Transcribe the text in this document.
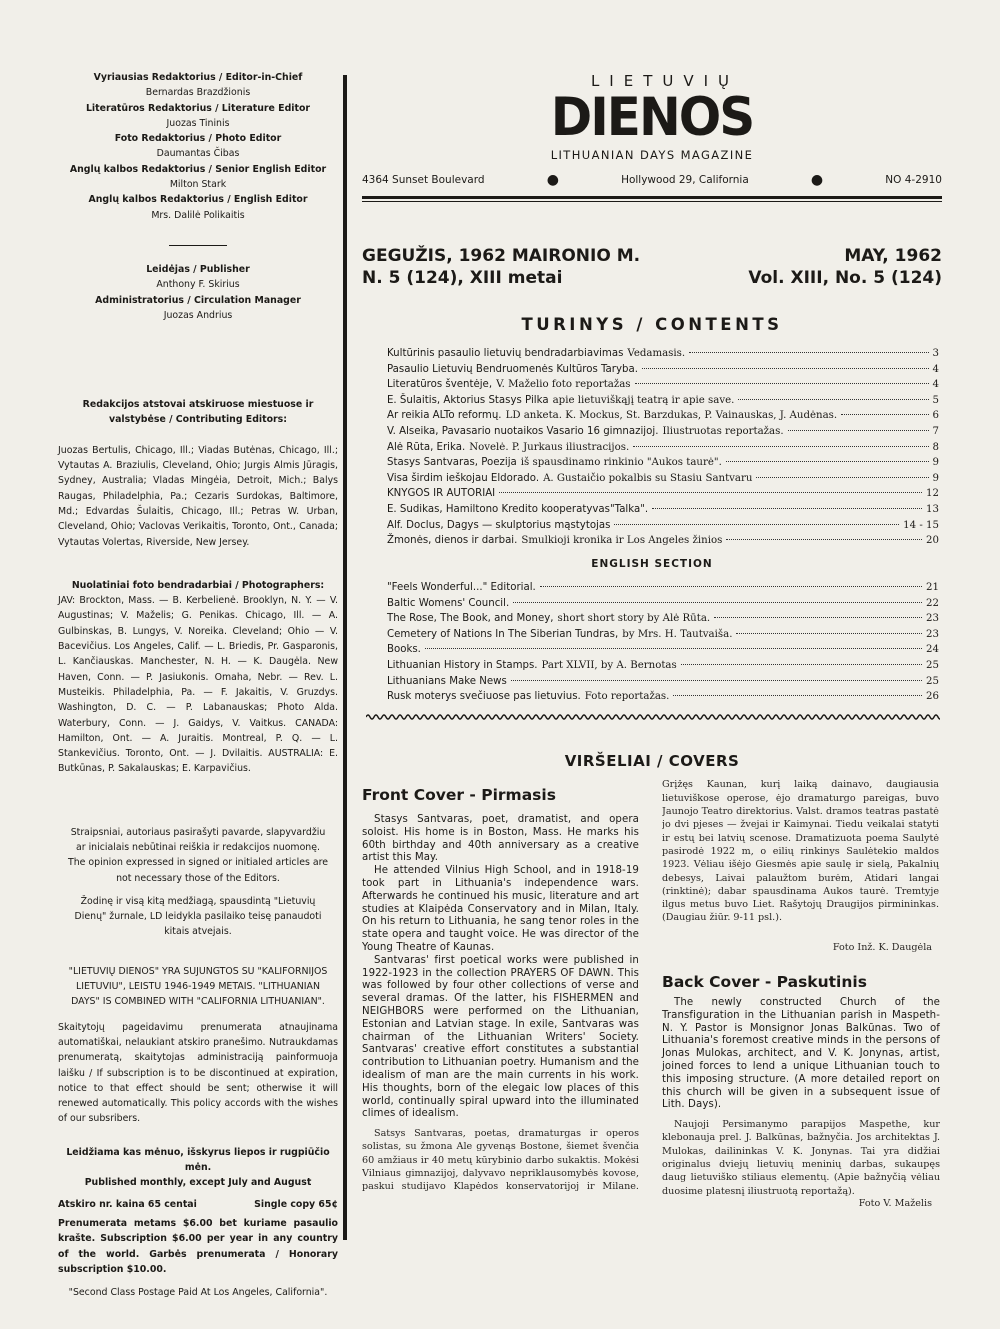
Vyriausias Redaktorius / Editor-in-Chief
Bernardas Brazdžionis
Literatūros Redaktorius / Literature Editor
Juozas Tininis
Foto Redaktorius / Photo Editor
Daumantas Čibas
Anglų kalbos Redaktorius / Senior English Editor
Milton Stark
Anglų kalbos Redaktorius / English Editor
Mrs. Dalilė Polikaitis
Leidėjas / Publisher
Anthony F. Skirius
Administratorius / Circulation Manager
Juozas Andrius
Redakcijos atstovai atskiruose miestuose ir valstybėse / Contributing Editors:
Juozas Bertulis, Chicago, Ill.; Viadas Butėnas, Chicago, Ill.; Vytautas A. Braziulis, Cleveland, Ohio; Jurgis Almis Jūragis, Sydney, Australia; Vladas Mingėia, Detroit, Mich.; Balys Raugas, Philadelphia, Pa.; Cezaris Surdokas, Baltimore, Md.; Edvardas Šulaitis, Chicago, Ill.; Petras W. Urban, Cleveland, Ohio; Vaclovas Verikaitis, Toronto, Ont., Canada; Vytautas Volertas, Riverside, New Jersey.
Nuolatiniai foto bendradarbiai / Photographers:
JAV: Brockton, Mass. — B. Kerbelienė. Brooklyn, N. Y. — V. Augustinas; V. Maželis; G. Penikas. Chicago, Ill. — A. Gulbinskas, B. Lungys, V. Noreika. Cleveland; Ohio — V. Bacevičius. Los Angeles, Calif. — L. Briedis, Pr. Gasparonis, L. Kančiauskas. Manchester, N. H. — K. Daugėla. New Haven, Conn. — P. Jasiukonis. Omaha, Nebr. — Rev. L. Musteikis. Philadelphia, Pa. — F. Jakaitis, V. Gruzdys. Washington, D. C. — P. Labanauskas; Photo Alda. Waterbury, Conn. — J. Gaidys, V. Vaitkus. CANADA: Hamilton, Ont. — A. Juraitis. Montreal, P. Q. — L. Stankevičius. Toronto, Ont. — J. Dvilaitis. AUSTRALIA: E. Butkūnas, P. Sakalauskas; E. Karpavičius.
Straipsniai, autoriaus pasirašyti pavarde, slapyvardžiu ar inicialais nebūtinai reiškia ir redakcijos nuomonę. The opinion expressed in signed or initialed articles are not necessary those of the Editors.
Žodinę ir visą kitą medžiagą, spausdintą "Lietuvių Dienų" žurnale, LD leidykla pasilaiko teisę panaudoti kitais atvejais.
"LIETUVIŲ DIENOS" YRA SUJUNGTOS SU "KALIFORNIJOS LIETUVIU", LEISTU 1946-1949 METAIS. "LITHUANIAN DAYS" IS COMBINED WITH "CALIFORNIA LITHUANIAN".
Skaitytojų pageidavimu prenumerata atnaujinama automatiškai, nelaukiant atskiro pranešimo. Nutraukdamas prenumeratą, skaitytojas administraciją painformuoja laišku / If subscription is to be discontinued at expiration, notice to that effect should be sent; otherwise it will renewed automatically. This policy accords with the wishes of our subsribers.
Leidžiama kas mėnuo, išskyrus liepos ir rugpiūčio mėn.
Published monthly, except July and August
Atskiro nr. kaina 65 centai	Single copy 65¢
Prenumerata metams $6.00 bet kuriame pasaulio krašte. Subscription $6.00 per year in any country of the world. Garbės prenumerata / Honorary subscription $10.00.
"Second Class Postage Paid At Los Angeles, California".
LIETUVIŲ
DIENOS
LITHUANIAN DAYS MAGAZINE
4364 Sunset Boulevard	●	Hollywood 29, California	●	NO 4-2910
GEGUŽIS, 1962 MAIRONIO M.	MAY, 1962
N. 5 (124), XIII metai	Vol. XIII, No. 5 (124)
TURINYS / CONTENTS
Kultūrinis pasaulio lietuvių bendradarbiavimas Vedamasis.	3
Pasaulio Lietuvių Bendruomenės Kultūros Taryba.	4
Literatūros šventėje, V. Maželio foto reportažas	4
E. Šulaitis, Aktorius Stasys Pilka apie lietuviškąjį teatrą ir apie save.	5
Ar reikia ALTo reformų. LD anketa. K. Mockus, St. Barzdukas, P. Vainauskas, J. Audėnas.	6
V. Alseika, Pavasario nuotaikos Vasario 16 gimnazijoj. Iliustruotas reportažas.	7
Alė Rūta, Erika. Novelė. P. Jurkaus iliustracijos.	8
Stasys Santvaras, Poezija iš spausdinamo rinkinio "Aukos taurė".	9
Visa širdim ieškojau Eldorado. A. Gustaičio pokalbis su Stasiu Santvaru	9
KNYGOS IR AUTORIAI	12
E. Sudikas, Hamiltono Kredito kooperatyvas"Talka".	13
Alf. Doclus, Dagys — skulptorius mąstytojas	14 - 15
Žmonės, dienos ir darbai. Smulkioji kronika ir Los Angeles žinios	20
ENGLISH SECTION
"Feels Wonderful..." Editorial.	21
Baltic Womens' Council.	22
The Rose, The Book, and Money, short short story by Alė Rūta.	23
Cemetery of Nations In The Siberian Tundras, by Mrs. H. Tautvaiša.	23
Books.	24
Lithuanian History in Stamps. Part XLVII, by A. Bernotas	25
Lithuanians Make News	25
Rusk moterys svečiuose pas lietuvius. Foto reportažas.	26
VIRŠELIAI / COVERS
Front Cover - Pirmasis

Stasys Santvaras, poet, dramatist, and opera soloist. His home is in Boston, Mass. He marks his 60th birthday and 40th anniversary as a creative artist this May.

He attended Vilnius High School, and in 1918-19 took part in Lithuania's independence wars. Afterwards he continued his music, literature and art studies at Klaipėda Conservatory and in Milan, Italy. On his return to Lithuania, he sang tenor roles in the state opera and taught voice. He was director of the Young Theatre of Kaunas.

Santvaras' first poetical works were published in 1922-1923 in the collection PRAYERS OF DAWN. This was followed by four other collections of verse and several dramas. Of the latter, his FISHERMEN and NEIGHBORS were performed on the Lithuanian, Estonian and Latvian stage. In exile, Santvaras was chairman of the Lithuanian Writers' Society. Santvaras' creative effort constitutes a substantial contribution to Lithuanian poetry. Humanism and the idealism of man are the main currents in his work. His thoughts, born of the elegaic low places of this world, continually spiral upward into the illuminated climes of idealism.

Satsys Santvaras, poetas, dramaturgas ir operos solistas, su žmona Ale gyvenąs Bostone, šiemet švenčia 60 amžiaus ir 40 metų kūrybinio darbo sukaktis. Mokėsi Vilniaus gimnazijoj, dalyvavo nepriklausomybės kovose, paskui studijavo Klapėdos konservatorijoj ir Milane.

Grįžęs Kaunan, kurį laiką dainavo, daugiausia lietuviškose operose, ėjo dramaturgo pareigas, buvo Jaunojo Teatro direktorius. Valst. dramos teatras pastatė jo dvi pjeses — žvejai ir Kaimynai. Tiedu veikalai statyti ir estų bei latvių scenose. Dramatizuota poema Saulytė pasirodė 1922 m, o eilių rinkinys Saulėtekio maldos 1923. Vėliau išėjo Giesmės apie saulę ir sielą, Pakalnių debesys, Laivai palaužtom burėm, Atidari langai (rinktinė); dabar spausdinama Aukos taurė. Tremtyje ilgus metus buvo Liet. Rašytojų Draugijos pirmininkas. (Daugiau žiūr. 9-11 psl.).

Foto Inž. K. Daugėla
Back Cover - Paskutinis

The newly constructed Church of the Transfiguration in the Lithuanian parish in Maspeth-N. Y. Pastor is Monsignor Jonas Balkūnas. Two of Lithuania's foremost creative minds in the persons of Jonas Mulokas, architect, and V. K. Jonynas, artist, joined forces to lend a unique Lithuanian touch to this imposing structure. (A more detailed report on this church will be given in a subsequent issue of Lith. Days).

Naujoji Persimanymo parapijos Maspethe, kur klebonauja prel. J. Balkūnas, bažnyčia. Jos architektas J. Mulokas, dailininkas V. K. Jonynas. Tai yra didžiai originalus dviejų lietuvių meninių darbas, sukaupęs daug lietuviško stiliaus elementų. (Apie bažnyčią vėliau duosime platesnį iliustruotą reportažą).

Foto V. Maželis
